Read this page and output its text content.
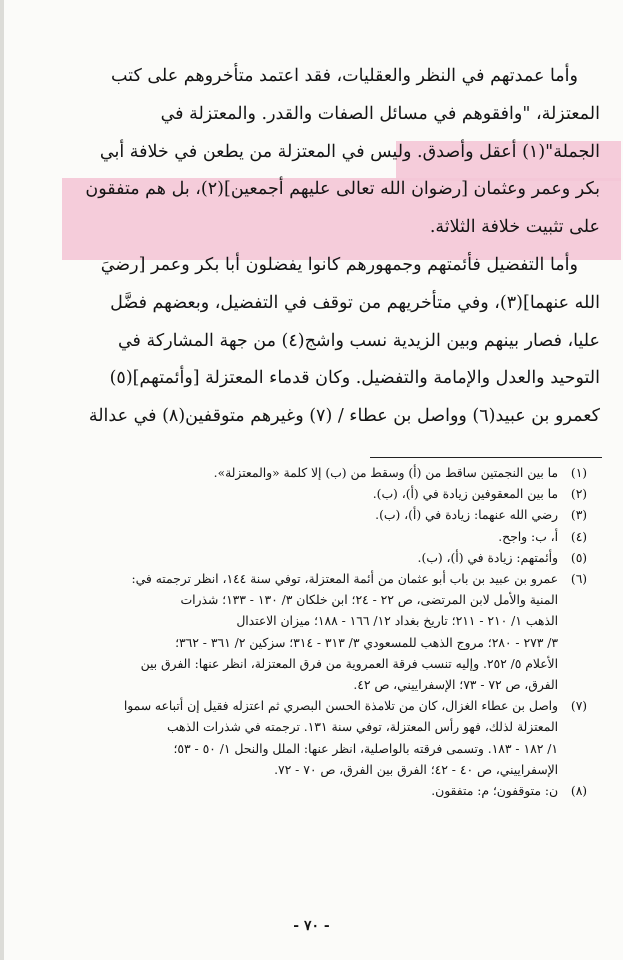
وأما عمدتهم في النظر والعقليات، فقد اعتمد متأخروهم على كتب
المعتزلة، "وافقوهم في مسائل الصفات والقدر. والمعتزلة في
الجملة"(١) أعقل وأصدق. وليس في المعتزلة من يطعن في خلافة أبي
بكر وعمر وعثمان [رضوان الله تعالى عليهم أجمعين](٢)، بل هم متفقون
على تثبيت خلافة الثلاثة.
وأما التفضيل فأئمتهم وجمهورهم كانوا يفضلون أبا بكر وعمر [رضيَ
الله عنهما](٣)، وفي متأخريهم من توقف في التفضيل، وبعضهم فضَّل
عليا، فصار بينهم وبين الزيدية نسب واشج(٤) من جهة المشاركة في
التوحيد والعدل والإمامة والتفضيل. وكان قدماء المعتزلة [وأئمتهم](٥)
كعمرو بن عبيد(٦) وواصل بن عطاء / (٧) وغيرهم متوقفين(٨) في عدالة
(١)
ما بين النجمتين ساقط من (أ) وسقط من (ب) إلا كلمة «والمعتزلة».
(٢)
ما بين المعقوفين زيادة في (أ)، (ب).
(٣)
رضي الله عنهما: زيادة في (أ)، (ب).
(٤)
أ، ب: واجح.
(٥)
وأئمتهم: زيادة في (أ)، (ب).
(٦)
عمرو بن عبيد بن باب أبو عثمان من أئمة المعتزلة، توفي سنة ١٤٤، انظر ترجمته في:
المنية والأمل لابن المرتضى، ص ٢٢ - ٢٤؛ ابن خلكان ٣/ ١٣٠ - ١٣٣؛ شذرات
الذهب ١/ ٢١٠ - ٢١١؛ تاريخ بغداد ١٢/ ١٦٦ - ١٨٨؛ ميزان الاعتدال
٣/ ٢٧٣ - ٢٨٠؛ مروج الذهب للمسعودي ٣/ ٣١٣ - ٣١٤؛ سزكين ٢/ ٣٦١ - ٣٦٢؛
الأعلام ٥/ ٢٥٢. وإليه تنسب فرقة العمروية من فرق المعتزلة، انظر عنها: الفرق بين
الفرق، ص ٧٢ - ٧٣؛ الإسفراييني، ص ٤٢.
(٧)
واصل بن عطاء الغزال، كان من تلامذة الحسن البصري ثم اعتزله فقيل إن أتباعه سموا
المعتزلة لذلك، فهو رأس المعتزلة، توفي سنة ١٣١. ترجمته في شذرات الذهب
١/ ١٨٢ - ١٨٣. وتسمى فرقته بالواصلية، انظر عنها: الملل والنحل ١/ ٥٠ - ٥٣؛
الإسفراييني، ص ٤٠ - ٤٢؛ الفرق بين الفرق، ص ٧٠ - ٧٢.
(٨)
ن: متوقفون؛ م: متفقون.
- ٧٠ -
